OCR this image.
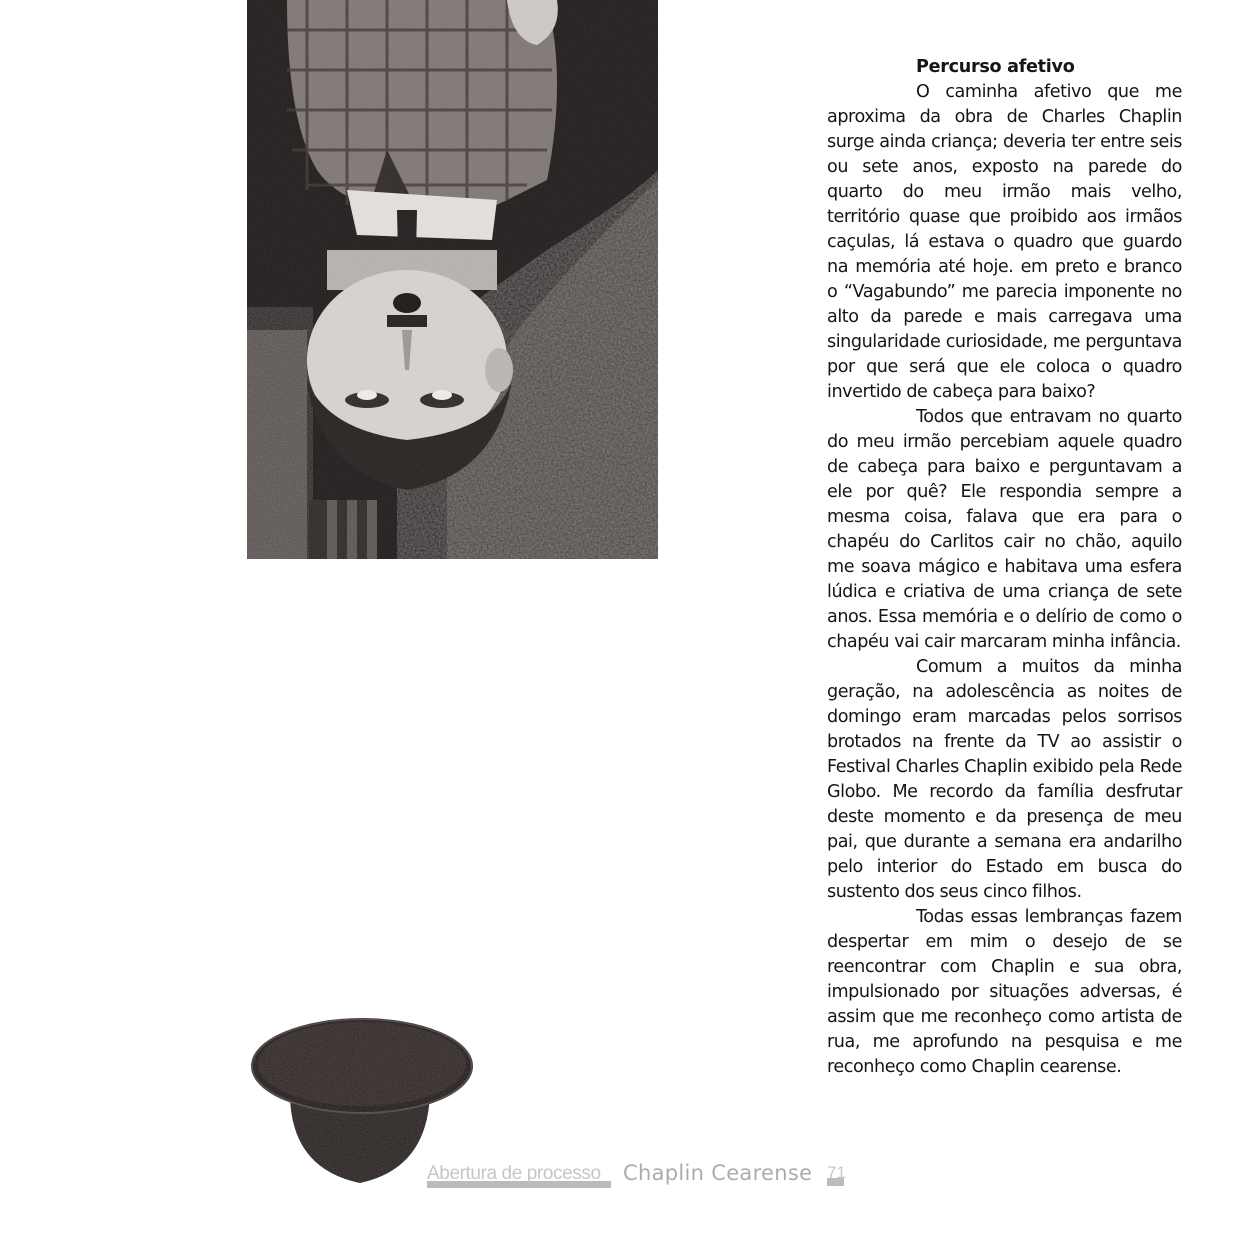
Percurso afetivo

O caminha afetivo que me aproxima da obra de Charles Chaplin surge ainda criança; deveria ter entre seis ou sete anos, exposto na parede do quarto do meu irmão mais velho, território quase que proibido aos irmãos caçulas, lá estava o quadro que guardo na memória até hoje. em preto e branco o “Vagabundo” me parecia imponente no alto da parede e mais carregava uma singularidade curiosidade, me perguntava por que será que ele coloca o quadro invertido de cabeça para baixo?

Todos que entravam no quarto do meu irmão percebiam aquele quadro de cabeça para baixo e perguntavam a ele por quê? Ele respondia sempre a mesma coisa, falava que era para o chapéu do Carlitos cair no chão, aquilo me soava mágico e habitava uma esfera lúdica e criativa de uma criança de sete anos. Essa memória e o delírio de como o chapéu vai cair marcaram minha infância.

Comum a muitos da minha geração, na adolescência as noites de domingo eram marcadas pelos sorrisos brotados na frente da TV ao assistir o Festival Charles Chaplin exibido pela Rede Globo. Me recordo da família desfrutar deste momento e da presença de meu pai, que durante a semana era andarilho pelo interior do Estado em busca do sustento dos seus cinco filhos.

Todas essas lembranças fazem despertar em mim o desejo de se reencontrar com Chaplin e sua obra, impulsionado por situações adversas, é assim que me reconheço como artista de rua, me aprofundo na pesquisa e me reconheço como Chaplin cearense.

Abertura de processo Chaplin Cearense 71
